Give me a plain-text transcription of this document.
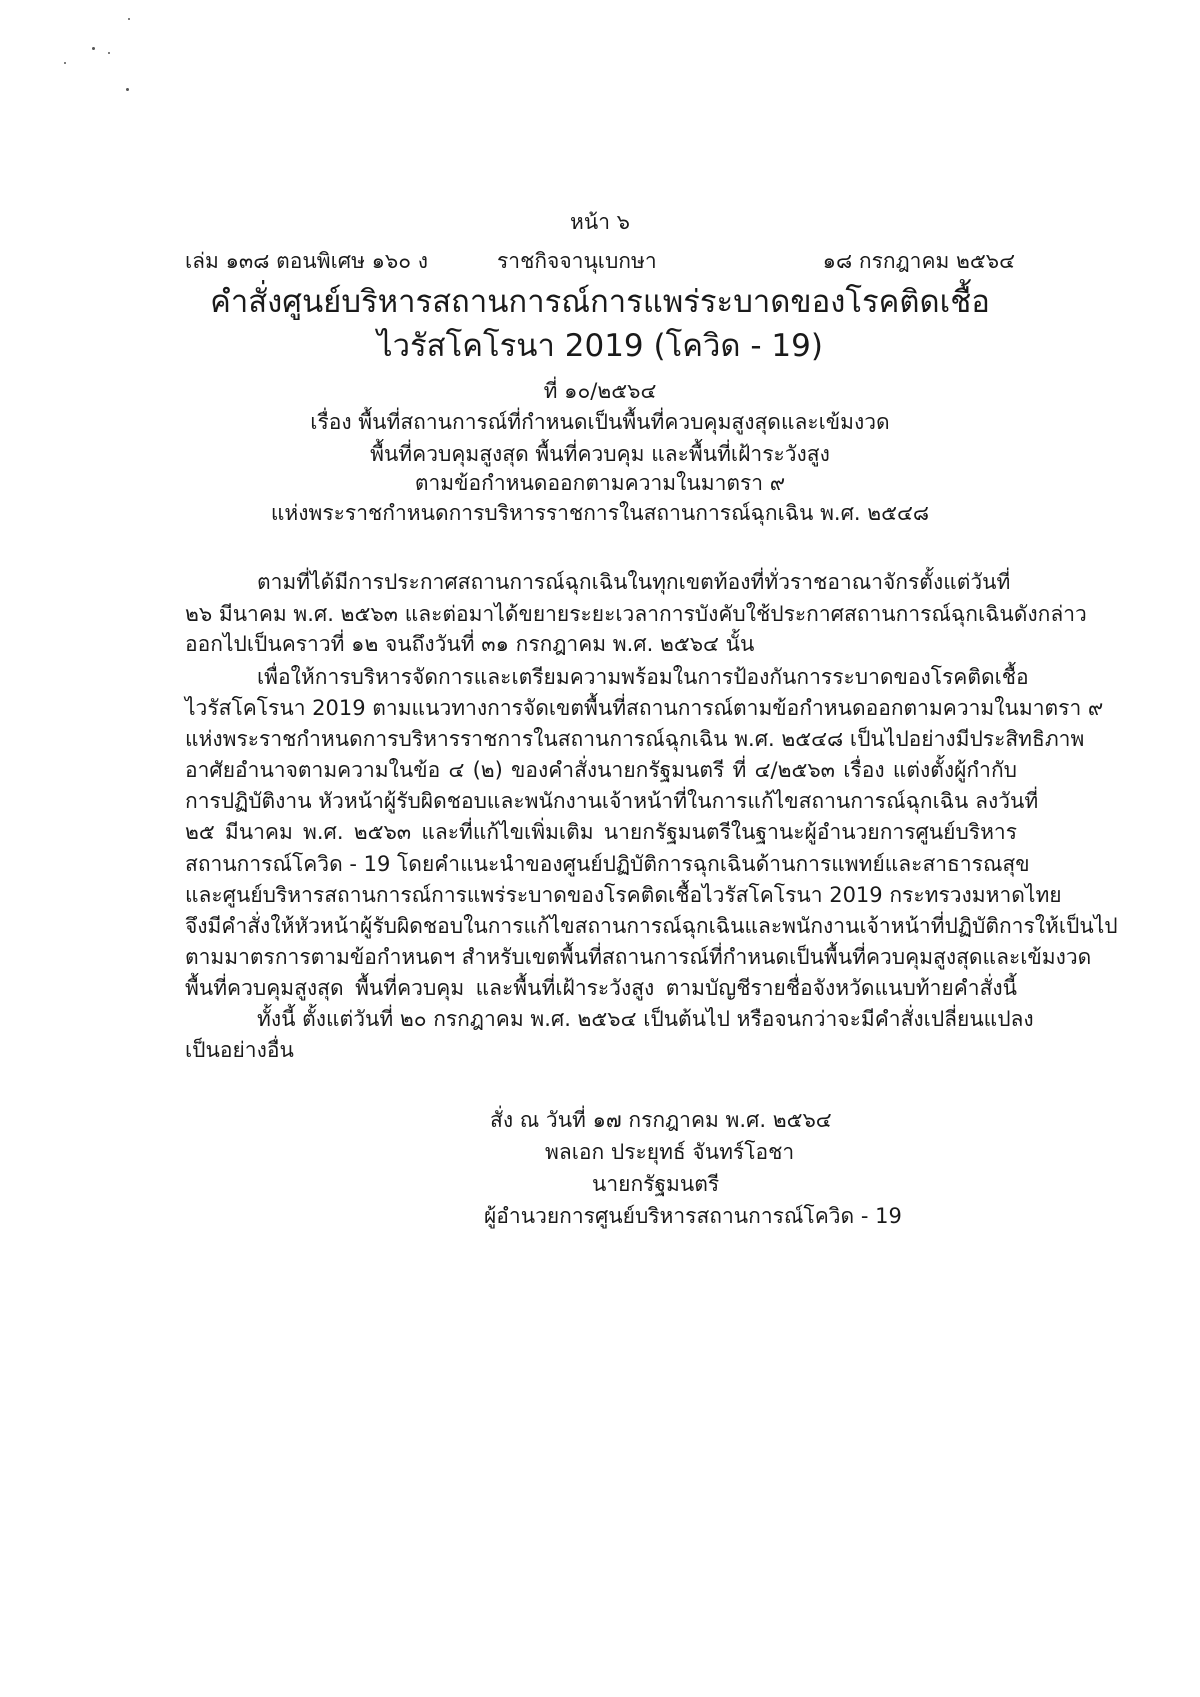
หน้า ๖
เล่ม ๑๓๘ ตอนพิเศษ ๑๖๐ ง	ราชกิจจานุเบกษา	๑๘ กรกฎาคม ๒๕๖๔
คำสั่งศูนย์บริหารสถานการณ์การแพร่ระบาดของโรคติดเชื้อ
ไวรัสโคโรนา 2019 (โควิด - 19)
ที่ ๑๐/๒๕๖๔
เรื่อง พื้นที่สถานการณ์ที่กำหนดเป็นพื้นที่ควบคุมสูงสุดและเข้มงวด
พื้นที่ควบคุมสูงสุด พื้นที่ควบคุม และพื้นที่เฝ้าระวังสูง
ตามข้อกำหนดออกตามความในมาตรา ๙
แห่งพระราชกำหนดการบริหารราชการในสถานการณ์ฉุกเฉิน พ.ศ. ๒๕๔๘
ตามที่ได้มีการประกาศสถานการณ์ฉุกเฉินในทุกเขตท้องที่ทั่วราชอาณาจักรตั้งแต่วันที่
๒๖ มีนาคม พ.ศ. ๒๕๖๓ และต่อมาได้ขยายระยะเวลาการบังคับใช้ประกาศสถานการณ์ฉุกเฉินดังกล่าว
ออกไปเป็นคราวที่ ๑๒ จนถึงวันที่ ๓๑ กรกฎาคม พ.ศ. ๒๕๖๔ นั้น
เพื่อให้การบริหารจัดการและเตรียมความพร้อมในการป้องกันการระบาดของโรคติดเชื้อ
ไวรัสโคโรนา 2019 ตามแนวทางการจัดเขตพื้นที่สถานการณ์ตามข้อกำหนดออกตามความในมาตรา ๙
แห่งพระราชกำหนดการบริหารราชการในสถานการณ์ฉุกเฉิน พ.ศ. ๒๕๔๘ เป็นไปอย่างมีประสิทธิภาพ
อาศัยอำนาจตามความในข้อ ๔ (๒) ของคำสั่งนายกรัฐมนตรี ที่ ๔/๒๕๖๓ เรื่อง แต่งตั้งผู้กำกับ
การปฏิบัติงาน หัวหน้าผู้รับผิดชอบและพนักงานเจ้าหน้าที่ในการแก้ไขสถานการณ์ฉุกเฉิน ลงวันที่
๒๕ มีนาคม พ.ศ. ๒๕๖๓ และที่แก้ไขเพิ่มเติม นายกรัฐมนตรีในฐานะผู้อำนวยการศูนย์บริหาร
สถานการณ์โควิด - 19 โดยคำแนะนำของศูนย์ปฏิบัติการฉุกเฉินด้านการแพทย์และสาธารณสุข
และศูนย์บริหารสถานการณ์การแพร่ระบาดของโรคติดเชื้อไวรัสโคโรนา 2019 กระทรวงมหาดไทย
จึงมีคำสั่งให้หัวหน้าผู้รับผิดชอบในการแก้ไขสถานการณ์ฉุกเฉินและพนักงานเจ้าหน้าที่ปฏิบัติการให้เป็นไป
ตามมาตรการตามข้อกำหนดฯ สำหรับเขตพื้นที่สถานการณ์ที่กำหนดเป็นพื้นที่ควบคุมสูงสุดและเข้มงวด
พื้นที่ควบคุมสูงสุด พื้นที่ควบคุม และพื้นที่เฝ้าระวังสูง ตามบัญชีรายชื่อจังหวัดแนบท้ายคำสั่งนี้
ทั้งนี้ ตั้งแต่วันที่ ๒๐ กรกฎาคม พ.ศ. ๒๕๖๔ เป็นต้นไป หรือจนกว่าจะมีคำสั่งเปลี่ยนแปลง
เป็นอย่างอื่น
สั่ง ณ วันที่ ๑๗ กรกฎาคม พ.ศ. ๒๕๖๔
พลเอก ประยุทธ์ จันทร์โอชา
นายกรัฐมนตรี
ผู้อำนวยการศูนย์บริหารสถานการณ์โควิด - 19
